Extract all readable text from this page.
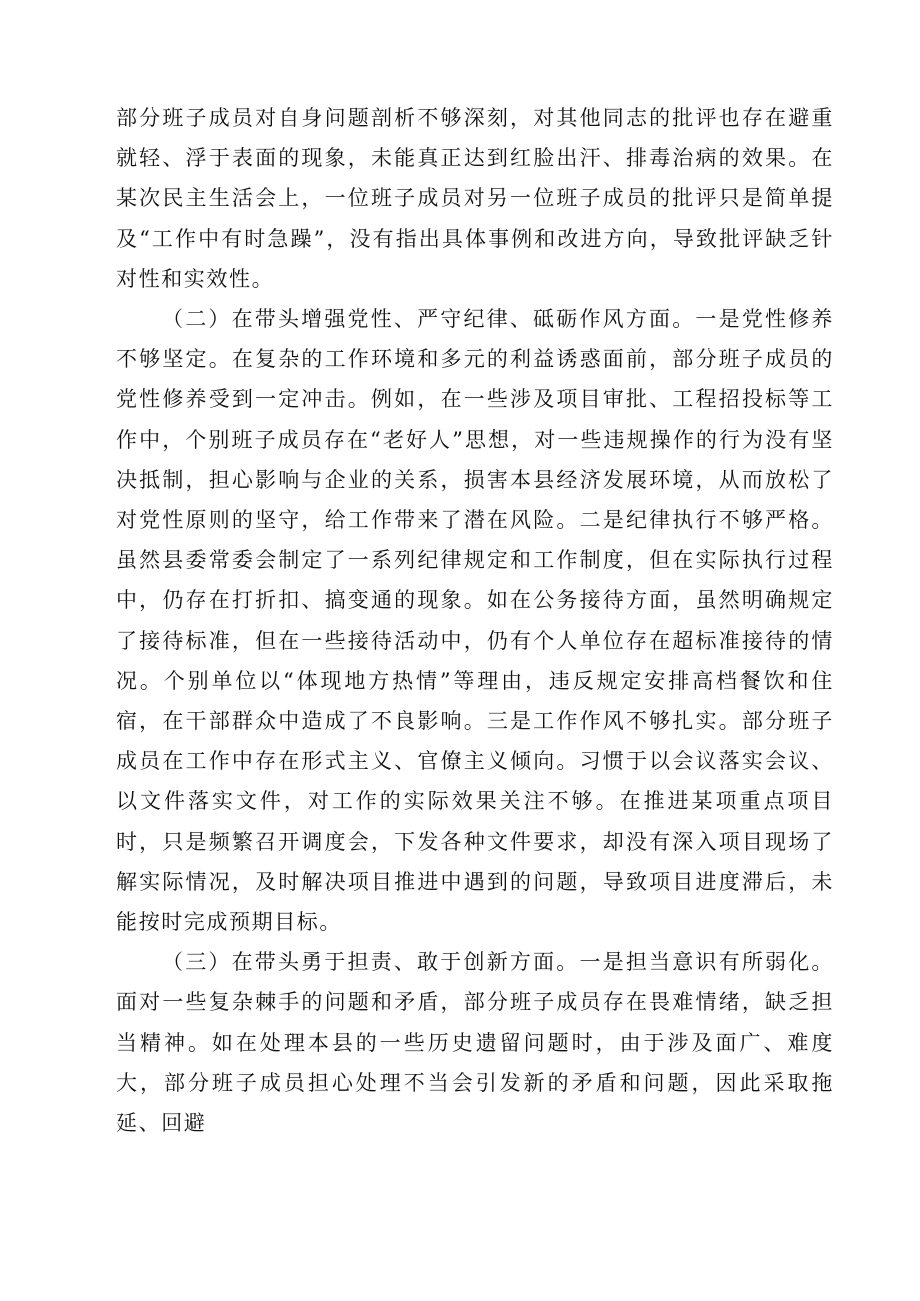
部分班子成员对自身问题剖析不够深刻，对其他同志的批评也存在避重就轻、浮于表面的现象，未能真正达到红脸出汗、排毒治病的效果。在某次民主生活会上，一位班子成员对另一位班子成员的批评只是简单提及“工作中有时急躁”，没有指出具体事例和改进方向，导致批评缺乏针对性和实效性。

（二）在带头增强党性、严守纪律、砥砺作风方面。一是党性修养不够坚定。在复杂的工作环境和多元的利益诱惑面前，部分班子成员的党性修养受到一定冲击。例如，在一些涉及项目审批、工程招投标等工作中，个别班子成员存在“老好人”思想，对一些违规操作的行为没有坚决抵制，担心影响与企业的关系，损害本县经济发展环境，从而放松了对党性原则的坚守，给工作带来了潜在风险。二是纪律执行不够严格。虽然县委常委会制定了一系列纪律规定和工作制度，但在实际执行过程中，仍存在打折扣、搞变通的现象。如在公务接待方面，虽然明确规定了接待标准，但在一些接待活动中，仍有个人单位存在超标准接待的情况。个别单位以“体现地方热情”等理由，违反规定安排高档餐饮和住宿，在干部群众中造成了不良影响。三是工作作风不够扎实。部分班子成员在工作中存在形式主义、官僚主义倾向。习惯于以会议落实会议、以文件落实文件，对工作的实际效果关注不够。在推进某项重点项目时，只是频繁召开调度会，下发各种文件要求，却没有深入项目现场了解实际情况，及时解决项目推进中遇到的问题，导致项目进度滞后，未能按时完成预期目标。

（三）在带头勇于担责、敢于创新方面。一是担当意识有所弱化。面对一些复杂棘手的问题和矛盾，部分班子成员存在畏难情绪，缺乏担当精神。如在处理本县的一些历史遗留问题时，由于涉及面广、难度大，部分班子成员担心处理不当会引发新的矛盾和问题，因此采取拖延、回避
